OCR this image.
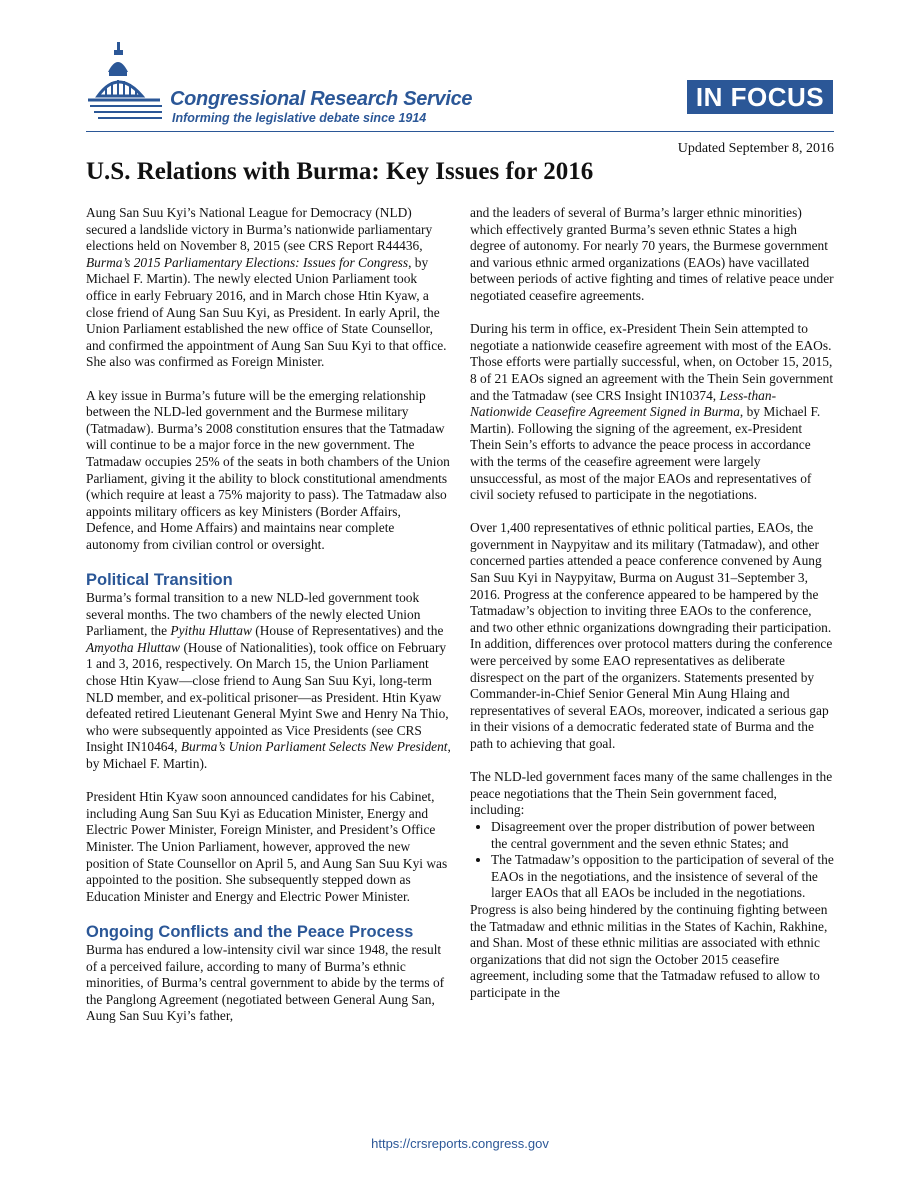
Congressional Research Service
Informing the legislative debate since 1914
IN FOCUS
Updated September 8, 2016
U.S. Relations with Burma: Key Issues for 2016

Aung San Suu Kyi’s National League for Democracy (NLD) secured a landslide victory in Burma’s nationwide parliamentary elections held on November 8, 2015 (see CRS Report R44436, Burma’s 2015 Parliamentary Elections: Issues for Congress, by Michael F. Martin). The newly elected Union Parliament took office in early February 2016, and in March chose Htin Kyaw, a close friend of Aung San Suu Kyi, as President. In early April, the Union Parliament established the new office of State Counsellor, and confirmed the appointment of Aung San Suu Kyi to that office. She also was confirmed as Foreign Minister.

A key issue in Burma’s future will be the emerging relationship between the NLD-led government and the Burmese military (Tatmadaw). Burma’s 2008 constitution ensures that the Tatmadaw will continue to be a major force in the new government. The Tatmadaw occupies 25% of the seats in both chambers of the Union Parliament, giving it the ability to block constitutional amendments (which require at least a 75% majority to pass). The Tatmadaw also appoints military officers as key Ministers (Border Affairs, Defence, and Home Affairs) and maintains near complete autonomy from civilian control or oversight.

Political Transition

Burma’s formal transition to a new NLD-led government took several months. The two chambers of the newly elected Union Parliament, the Pyithu Hluttaw (House of Representatives) and the Amyotha Hluttaw (House of Nationalities), took office on February 1 and 3, 2016, respectively. On March 15, the Union Parliament chose Htin Kyaw—close friend to Aung San Suu Kyi, long-term NLD member, and ex-political prisoner—as President. Htin Kyaw defeated retired Lieutenant General Myint Swe and Henry Na Thio, who were subsequently appointed as Vice Presidents (see CRS Insight IN10464, Burma’s Union Parliament Selects New President, by Michael F. Martin).

President Htin Kyaw soon announced candidates for his Cabinet, including Aung San Suu Kyi as Education Minister, Energy and Electric Power Minister, Foreign Minister, and President’s Office Minister. The Union Parliament, however, approved the new position of State Counsellor on April 5, and Aung San Suu Kyi was appointed to the position. She subsequently stepped down as Education Minister and Energy and Electric Power Minister.

Ongoing Conflicts and the Peace Process

Burma has endured a low-intensity civil war since 1948, the result of a perceived failure, according to many of Burma’s ethnic minorities, of Burma’s central government to abide by the terms of the Panglong Agreement (negotiated between General Aung San, Aung San Suu Kyi’s father,

and the leaders of several of Burma’s larger ethnic minorities) which effectively granted Burma’s seven ethnic States a high degree of autonomy. For nearly 70 years, the Burmese government and various ethnic armed organizations (EAOs) have vacillated between periods of active fighting and times of relative peace under negotiated ceasefire agreements.

During his term in office, ex-President Thein Sein attempted to negotiate a nationwide ceasefire agreement with most of the EAOs. Those efforts were partially successful, when, on October 15, 2015, 8 of 21 EAOs signed an agreement with the Thein Sein government and the Tatmadaw (see CRS Insight IN10374, Less-than-Nationwide Ceasefire Agreement Signed in Burma, by Michael F. Martin). Following the signing of the agreement, ex-President Thein Sein’s efforts to advance the peace process in accordance with the terms of the ceasefire agreement were largely unsuccessful, as most of the major EAOs and representatives of civil society refused to participate in the negotiations.

Over 1,400 representatives of ethnic political parties, EAOs, the government in Naypyitaw and its military (Tatmadaw), and other concerned parties attended a peace conference convened by Aung San Suu Kyi in Naypyitaw, Burma on August 31–September 3, 2016. Progress at the conference appeared to be hampered by the Tatmadaw’s objection to inviting three EAOs to the conference, and two other ethnic organizations downgrading their participation. In addition, differences over protocol matters during the conference were perceived by some EAO representatives as deliberate disrespect on the part of the organizers. Statements presented by Commander-in-Chief Senior General Min Aung Hlaing and representatives of several EAOs, moreover, indicated a serious gap in their visions of a democratic federated state of Burma and the path to achieving that goal.

The NLD-led government faces many of the same challenges in the peace negotiations that the Thein Sein government faced, including:

• Disagreement over the proper distribution of power between the central government and the seven ethnic States; and
• The Tatmadaw’s opposition to the participation of several of the EAOs in the negotiations, and the insistence of several of the larger EAOs that all EAOs be included in the negotiations.

Progress is also being hindered by the continuing fighting between the Tatmadaw and ethnic militias in the States of Kachin, Rakhine, and Shan. Most of these ethnic militias are associated with ethnic organizations that did not sign the October 2015 ceasefire agreement, including some that the Tatmadaw refused to allow to participate in the

https://crsreports.congress.gov
